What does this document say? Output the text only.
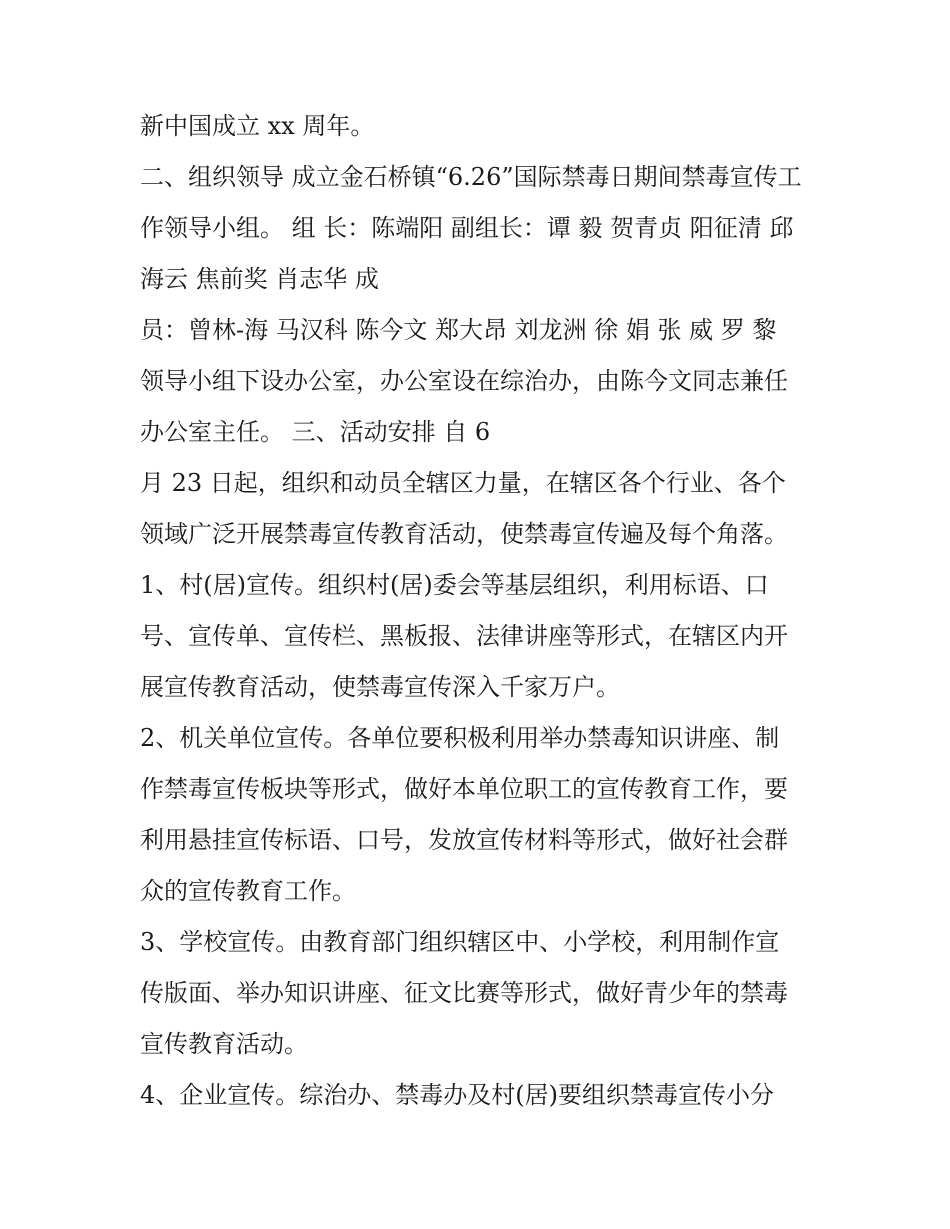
新中国成立 xx 周年。
二、组织领导 成立金石桥镇“6.26”国际禁毒日期间禁毒宣传工
作领导小组。 组 长：陈端阳 副组长：谭 毅 贺青贞 阳征清 邱
海云 焦前奖 肖志华 成
员：曾林-海 马汉科 陈今文 郑大昂 刘龙洲 徐 娟 张 威 罗 黎
领导小组下设办公室，办公室设在综治办，由陈今文同志兼任
办公室主任。 三、活动安排 自 6
月 23 日起，组织和动员全辖区力量，在辖区各个行业、各个
领域广泛开展禁毒宣传教育活动，使禁毒宣传遍及每个角落。
1、村(居)宣传。组织村(居)委会等基层组织，利用标语、口
号、宣传单、宣传栏、黑板报、法律讲座等形式，在辖区内开
展宣传教育活动，使禁毒宣传深入千家万户。
2、机关单位宣传。各单位要积极利用举办禁毒知识讲座、制
作禁毒宣传板块等形式，做好本单位职工的宣传教育工作，要
利用悬挂宣传标语、口号，发放宣传材料等形式，做好社会群
众的宣传教育工作。
3、学校宣传。由教育部门组织辖区中、小学校，利用制作宣
传版面、举办知识讲座、征文比赛等形式，做好青少年的禁毒
宣传教育活动。
4、企业宣传。综治办、禁毒办及村(居)要组织禁毒宣传小分
